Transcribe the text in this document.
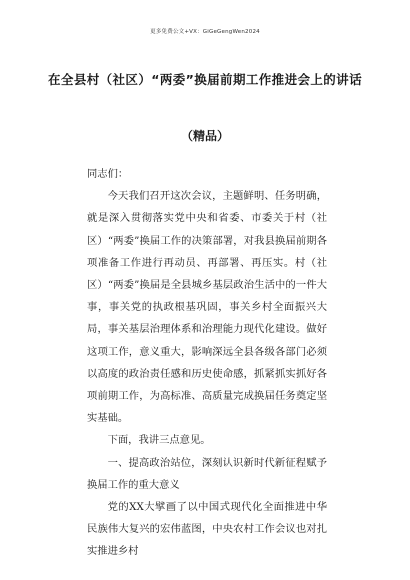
更多免费公文+VX：GiGeGengWen2024
在全县村（社区）“两委”换届前期工作推进会上的讲话
（精品）

同志们：

今天我们召开这次会议，主题鲜明、任务明确，就是深入贯彻落实党中央和省委、市委关于村（社区）“两委”换届工作的决策部署，对我县换届前期各项准备工作进行再动员、再部署、再压实。村（社区）“两委”换届是全县城乡基层政治生活中的一件大事，事关党的执政根基巩固，事关乡村全面振兴大局，事关基层治理体系和治理能力现代化建设。做好这项工作，意义重大，影响深远全县各级各部门必须以高度的政治责任感和历史使命感，抓紧抓实抓好各项前期工作，为高标准、高质量完成换届任务奠定坚实基础。

下面，我讲三点意见。

一、提高政治站位，深刻认识新时代新征程赋予换届工作的重大意义

党的XX大擘画了以中国式现代化全面推进中华民族伟大复兴的宏伟蓝图，中央农村工作会议也对扎实推进乡村
